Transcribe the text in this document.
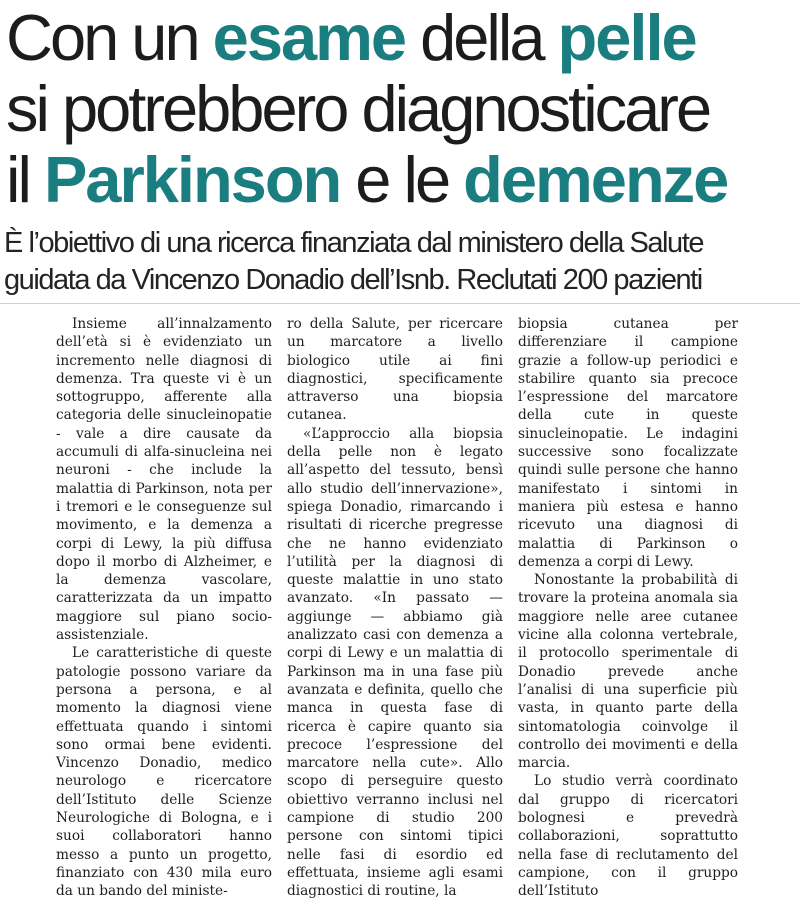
Con un esame della pelle
si potrebbero diagnosticare
il Parkinson e le demenze
È l’obiettivo di una ricerca finanziata dal ministero della Salute
guidata da Vincenzo Donadio dell’Isnb. Reclutati 200 pazienti

Insieme all’innalzamento dell’età si è evidenziato un incremento nelle diagnosi di demenza. Tra queste vi è un sottogruppo, afferente alla categoria delle sinucleinopatie - vale a dire causate da accumuli di alfa-sinucleina nei neuroni - che include la malattia di Parkinson, nota per i tremori e le conseguenze sul movimento, e la demenza a corpi di Lewy, la più diffusa dopo il morbo di Alzheimer, e la demenza vascolare, caratterizzata da un impatto maggiore sul piano socio-assistenziale.

Le caratteristiche di queste patologie possono variare da persona a persona, e al momento la diagnosi viene effettuata quando i sintomi sono ormai bene evidenti. Vincenzo Donadio, medico neurologo e ricercatore dell’Istituto delle Scienze Neurologiche di Bologna, e i suoi collaboratori hanno messo a punto un progetto, finanziato con 430 mila euro da un bando del ministe-

ro della Salute, per ricercare un marcatore a livello biologico utile ai fini diagnostici, specificamente attraverso una biopsia cutanea.

«L’approccio alla biopsia della pelle non è legato all’aspetto del tessuto, bensì allo studio dell’innervazione», spiega Donadio, rimarcando i risultati di ricerche pregresse che ne hanno evidenziato l’utilità per la diagnosi di queste malattie in uno stato avanzato. «In passato — aggiunge — abbiamo già analizzato casi con demenza a corpi di Lewy e un malattia di Parkinson ma in una fase più avanzata e definita, quello che manca in questa fase di ricerca è capire quanto sia precoce l’espressione del marcatore nella cute». Allo scopo di perseguire questo obiettivo verranno inclusi nel campione di studio 200 persone con sintomi tipici nelle fasi di esordio ed effettuata, insieme agli esami diagnostici di routine, la

biopsia cutanea per differenziare il campione grazie a follow-up periodici e stabilire quanto sia precoce l’espressione del marcatore della cute in queste sinucleinopatie. Le indagini successive sono focalizzate quindi sulle persone che hanno manifestato i sintomi in maniera più estesa e hanno ricevuto una diagnosi di malattia di Parkinson o demenza a corpi di Lewy.

Nonostante la probabilità di trovare la proteina anomala sia maggiore nelle aree cutanee vicine alla colonna vertebrale, il protocollo sperimentale di Donadio prevede anche l’analisi di una superficie più vasta, in quanto parte della sintomatologia coinvolge il controllo dei movimenti e della marcia.

Lo studio verrà coordinato dal gruppo di ricercatori bolognesi e prevedrà collaborazioni, soprattutto nella fase di reclutamento del campione, con il gruppo dell’Istituto
